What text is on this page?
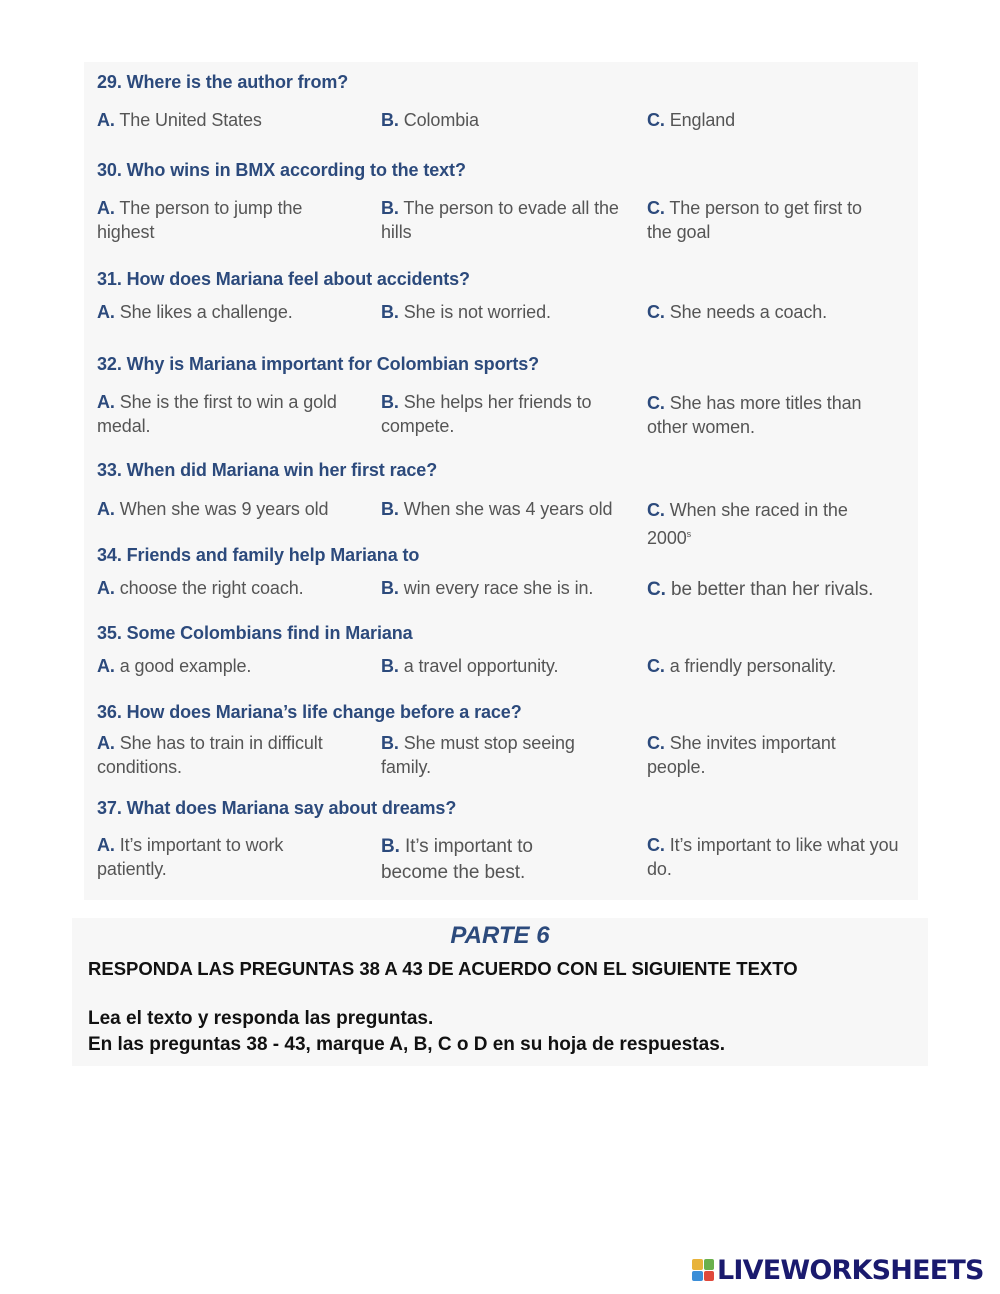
29. Where is the author from?
A. The United States	B. Colombia	C. England
30. Who wins in BMX according to the text?
A. The person to jump the highest
B. The person to evade all the hills
C. The person to get first to the goal
31. How does Mariana feel about accidents?
A. She likes a challenge.	B. She is not worried.	C. She needs a coach.
32. Why is Mariana important for Colombian sports?
A. She is the first to win a gold medal.
B. She helps her friends to compete.
C. She has more titles than other women.
33. When did Mariana win her first race?
A. When she was 9 years old	B. When she was 4 years old	C. When she raced in the 2000$^s$
34. Friends and family help Mariana to
A. choose the right coach.	B. win every race she is in.	C. be better than her rivals.
35. Some Colombians find in Mariana
A. a good example.	B. a travel opportunity.	C. a friendly personality.
36. How does Mariana’s life change before a race?
A. She has to train in difficult conditions.
B. She must stop seeing family.
C. She invites important people.
37. What does Mariana say about dreams?
A. It’s important to work patiently.
B. It’s important to become the best.
C. It’s important to like what you do.
PARTE 6
RESPONDA LAS PREGUNTAS 38 A 43 DE ACUERDO CON EL SIGUIENTE TEXTO
Lea el texto y responda las preguntas.
En las preguntas 38 - 43, marque A, B, C o D en su hoja de respuestas.
LIVEWORKSHEETS
